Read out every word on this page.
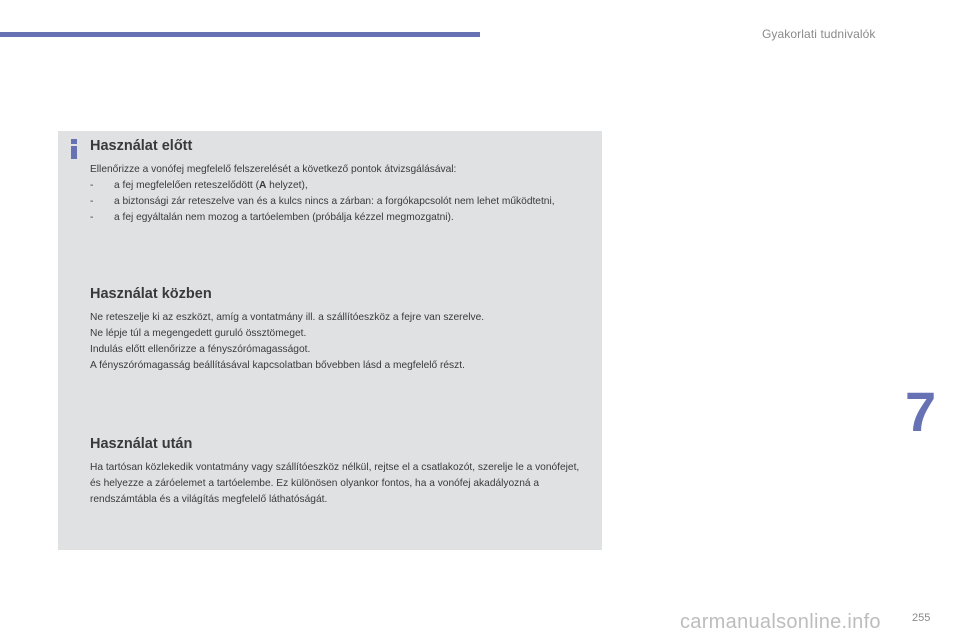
Gyakorlati tudnivalók
Használat előtt
Ellenőrizze a vonófej megfelelő felszerelését a következő pontok átvizsgálásával:
- a fej megfelelően reteszelődött (A helyzet),
- a biztonsági zár reteszelve van és a kulcs nincs a zárban: a forgókapcsolót nem lehet működtetni,
- a fej egyáltalán nem mozog a tartóelemben (próbálja kézzel megmozgatni).
Használat közben
Ne reteszelje ki az eszközt, amíg a vontatmány ill. a szállítóeszköz a fejre van szerelve.
Ne lépje túl a megengedett guruló össztömeget.
Indulás előtt ellenőrizze a fényszórómagasságot.
A fényszórómagasság beállításával kapcsolatban bővebben lásd a megfelelő részt.
Használat után
Ha tartósan közlekedik vontatmány vagy szállítóeszköz nélkül, rejtse el a csatlakozót, szerelje le a vonófejet, és helyezze a záróelemet a tartóelembe. Ez különösen olyankor fontos, ha a vonófej akadályozná a rendszámtábla és a világítás megfelelő láthatóságát.
7
carmanualsonline.info	255
